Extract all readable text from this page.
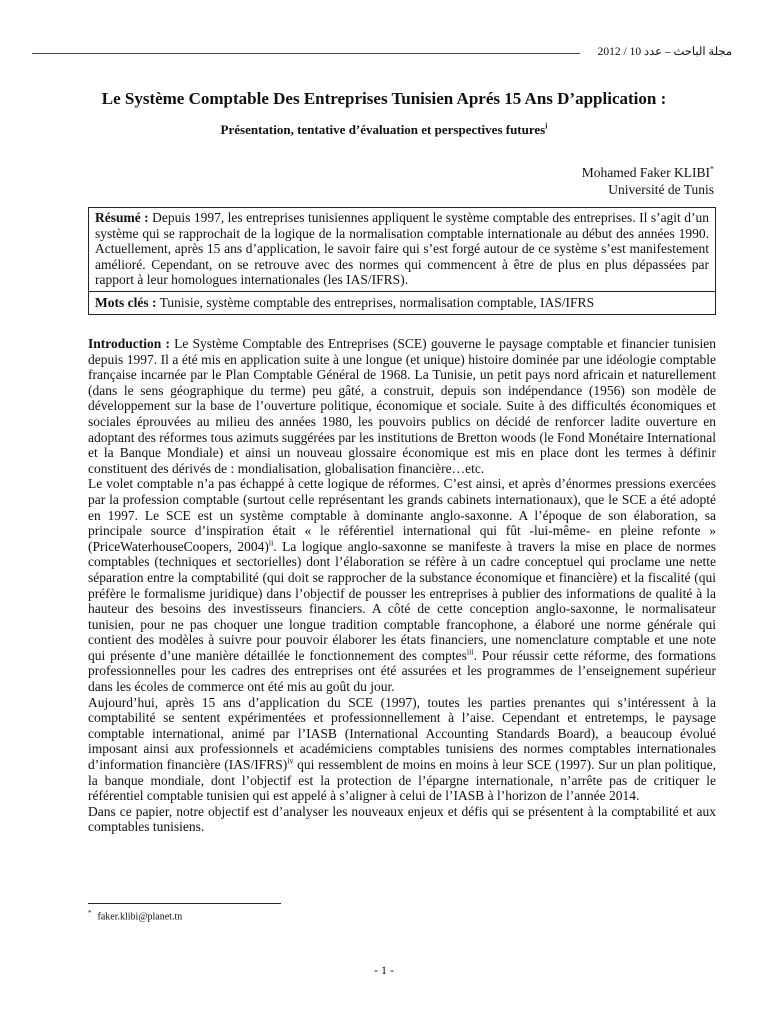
مجلة الباحث – عدد 10 / 2012
Le Système Comptable Des Entreprises Tunisien Aprés 15 Ans D’application :
Présentation, tentative d’évaluation et perspectives futures$^i$
Mohamed Faker KLIBI*
Université de Tunis
Résumé : Depuis 1997, les entreprises tunisiennes appliquent le système comptable des entreprises. Il s’agit d’un système qui se rapprochait de la logique de la normalisation comptable internationale au début des années 1990. Actuellement, après 15 ans d’application, le savoir faire qui s’est forgé autour de ce système s’est manifestement amélioré. Cependant, on se retrouve avec des normes qui commencent à être de plus en plus dépassées par rapport à leur homologues internationales (les IAS/IFRS).
Mots clés : Tunisie, système comptable des entreprises, normalisation comptable, IAS/IFRS

Introduction : Le Système Comptable des Entreprises (SCE) gouverne le paysage comptable et financier tunisien depuis 1997. Il a été mis en application suite à une longue (et unique) histoire dominée par une idéologie comptable française incarnée par le Plan Comptable Général de 1968. La Tunisie, un petit pays nord africain et naturellement (dans le sens géographique du terme) peu gâté, a construit, depuis son indépendance (1956) son modèle de développement sur la base de l’ouverture politique, économique et sociale. Suite à des difficultés économiques et sociales éprouvées au milieu des années 1980, les pouvoirs publics on décidé de renforcer ladite ouverture en adoptant des réformes tous azimuts suggérées par les institutions de Bretton woods (le Fond Monétaire International et la Banque Mondiale) et ainsi un nouveau glossaire économique est mis en place dont les termes à définir constituent des dérivés de : mondialisation, globalisation financière…etc.

Le volet comptable n’a pas échappé à cette logique de réformes. C’est ainsi, et après d’énormes pressions exercées par la profession comptable (surtout celle représentant les grands cabinets internationaux), que le SCE a été adopté en 1997. Le SCE est un système comptable à dominante anglo-saxonne. A l’époque de son élaboration, sa principale source d’inspiration était « le référentiel international qui fût -lui-même- en pleine refonte » (PriceWaterhouseCoopers, 2004)$^{ii}$. La logique anglo-saxonne se manifeste à travers la mise en place de normes comptables (techniques et sectorielles) dont l’élaboration se réfère à un cadre conceptuel qui proclame une nette séparation entre la comptabilité (qui doit se rapprocher de la substance économique et financière) et la fiscalité (qui préfère le formalisme juridique) dans l’objectif de pousser les entreprises à publier des informations de qualité à la hauteur des besoins des investisseurs financiers. A côté de cette conception anglo-saxonne, le normalisateur tunisien, pour ne pas choquer une longue tradition comptable francophone, a élaboré une norme générale qui contient des modèles à suivre pour pouvoir élaborer les états financiers, une nomenclature comptable et une note qui présente d’une manière détaillée le fonctionnement des comptes$^{iii}$. Pour réussir cette réforme, des formations professionnelles pour les cadres des entreprises ont été assurées et les programmes de l’enseignement supérieur dans les écoles de commerce ont été mis au goût du jour.

Aujourd’hui, après 15 ans d’application du SCE (1997), toutes les parties prenantes qui s’intéressent à la comptabilité se sentent expérimentées et professionnellement à l’aise. Cependant et entretemps, le paysage comptable international, animé par l’IASB (International Accounting Standards Board), a beaucoup évolué imposant ainsi aux professionnels et académiciens comptables tunisiens des normes comptables internationales d’information financière (IAS/IFRS)$^{iv}$ qui ressemblent de moins en moins à leur SCE (1997). Sur un plan politique, la banque mondiale, dont l’objectif est la protection de l’épargne internationale, n’arrête pas de critiquer le référentiel comptable tunisien qui est appelé à s’aligner à celui de l’IASB à l’horizon de l’année 2014.

Dans ce papier, notre objectif est d’analyser les nouveaux enjeux et défis qui se présentent à la comptabilité et aux comptables tunisiens.

* faker.klibi@planet.tn
- 1 -
